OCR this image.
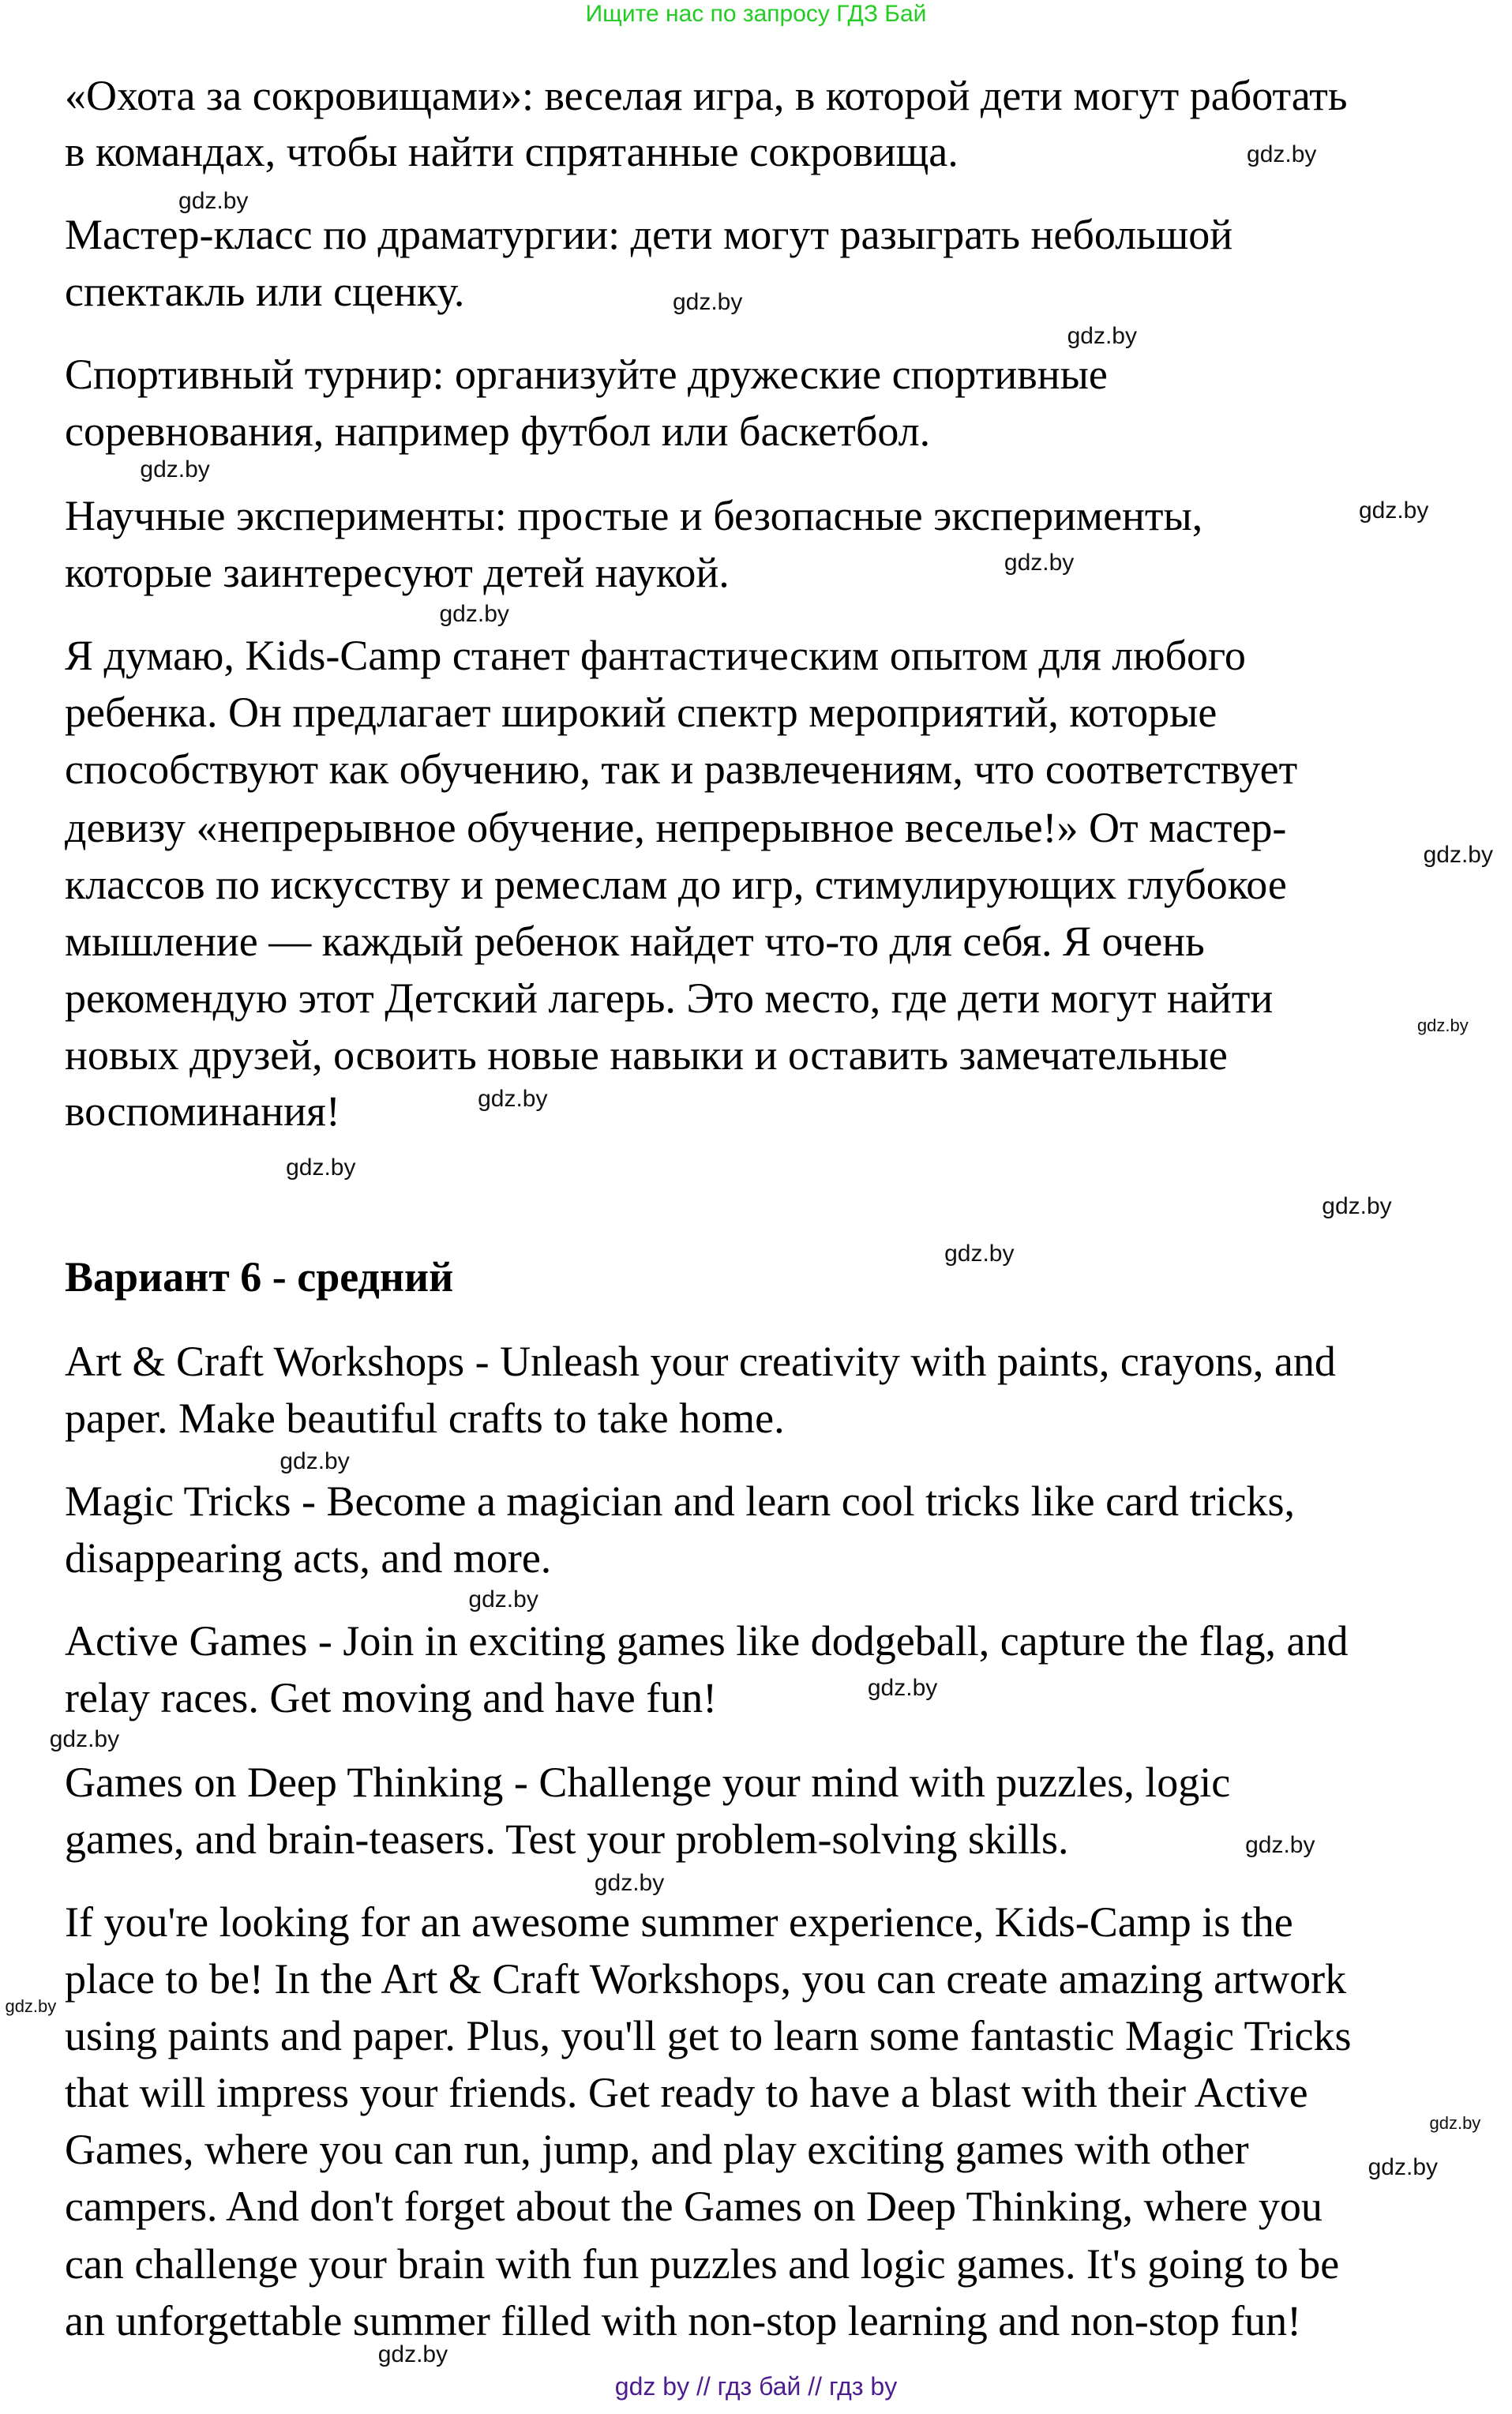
Ищите нас по запросу ГДЗ Бай
«Охота за сокровищами»: веселая игра, в которой дети могут работать
в командах, чтобы найти спрятанные сокровища.
Мастер-класс по драматургии: дети могут разыграть небольшой
спектакль или сценку.
Спортивный турнир: организуйте дружеские спортивные
соревнования, например футбол или баскетбол.
Научные эксперименты: простые и безопасные эксперименты,
которые заинтересуют детей наукой.
Я думаю, Kids-Camp станет фантастическим опытом для любого
ребенка. Он предлагает широкий спектр мероприятий, которые
способствуют как обучению, так и развлечениям, что соответствует
девизу «непрерывное обучение, непрерывное веселье!» От мастер-
классов по искусству и ремеслам до игр, стимулирующих глубокое
мышление — каждый ребенок найдет что-то для себя. Я очень
рекомендую этот Детский лагерь. Это место, где дети могут найти
новых друзей, освоить новые навыки и оставить замечательные
воспоминания!
Art & Craft Workshops - Unleash your creativity with paints, crayons, and
paper. Make beautiful crafts to take home.
Magic Tricks - Become a magician and learn cool tricks like card tricks,
disappearing acts, and more.
Active Games - Join in exciting games like dodgeball, capture the flag, and
relay races. Get moving and have fun!
Games on Deep Thinking - Challenge your mind with puzzles, logic
games, and brain-teasers. Test your problem-solving skills.
If you're looking for an awesome summer experience, Kids-Camp is the
place to be! In the Art & Craft Workshops, you can create amazing artwork
using paints and paper. Plus, you'll get to learn some fantastic Magic Tricks
that will impress your friends. Get ready to have a blast with their Active
Games, where you can run, jump, and play exciting games with other
campers. And don't forget about the Games on Deep Thinking, where you
can challenge your brain with fun puzzles and logic games. It's going to be
an unforgettable summer filled with non-stop learning and non-stop fun!
gdz.by
gdz.by
gdz.by
gdz.by
gdz.by
gdz.by
gdz.by
gdz.by
gdz.by
gdz.by
gdz.by
gdz.by
gdz.by
gdz.by
gdz.by
gdz.by
gdz.by
gdz.by
gdz.by
gdz.by
gdz.by
gdz.by
gdz.by
gdz.by
Вариант 6 - средний
gdz by // гдз бай // гдз by
